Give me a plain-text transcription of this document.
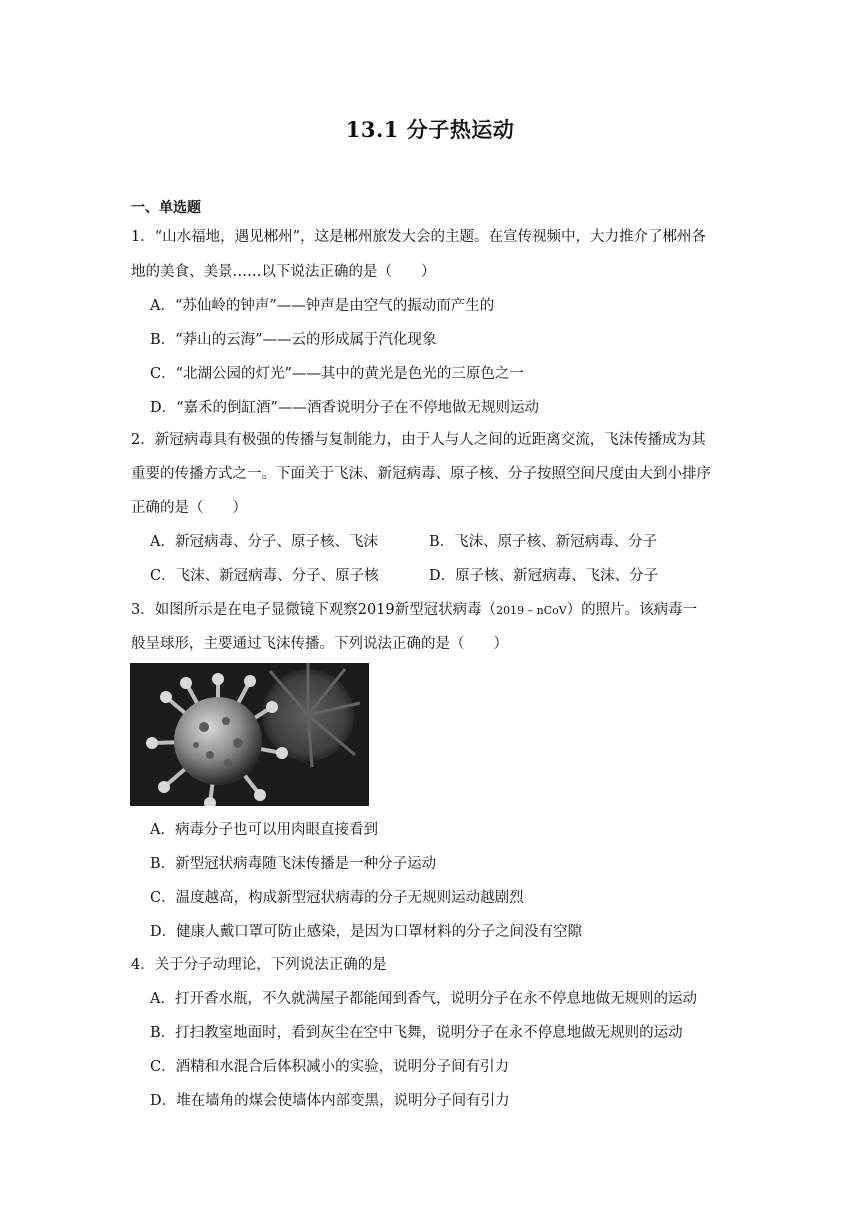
13.1 分子热运动
一、单选题
1．“山水福地，遇见郴州”，这是郴州旅发大会的主题。在宣传视频中，大力推介了郴州各
地的美食、美景……以下说法正确的是（　　）
A．“苏仙岭的钟声”——钟声是由空气的振动而产生的
B．“莽山的云海”——云的形成属于汽化现象
C．“北湖公园的灯光”——其中的黄光是色光的三原色之一
D．“嘉禾的倒缸酒”——酒香说明分子在不停地做无规则运动
2．新冠病毒具有极强的传播与复制能力，由于人与人之间的近距离交流，飞沫传播成为其
重要的传播方式之一。下面关于飞沫、新冠病毒、原子核、分子按照空间尺度由大到小排序
正确的是（　　）
A．新冠病毒、分子、原子核、飞沫	B．飞沫、原子核、新冠病毒、分子
C．飞沫、新冠病毒、分子、原子核	D．原子核、新冠病毒、飞沫、分子
3．如图所示是在电子显微镜下观察2019新型冠状病毒（2019 – nCoV）的照片。该病毒一
般呈球形，主要通过飞沫传播。下列说法正确的是（　　）
A．病毒分子也可以用肉眼直接看到
B．新型冠状病毒随飞沫传播是一种分子运动
C．温度越高，构成新型冠状病毒的分子无规则运动越剧烈
D．健康人戴口罩可防止感染，是因为口罩材料的分子之间没有空隙
4．关于分子动理论，下列说法正确的是
A．打开香水瓶，不久就满屋子都能闻到香气，说明分子在永不停息地做无规则的运动
B．打扫教室地面时，看到灰尘在空中飞舞，说明分子在永不停息地做无规则的运动
C．酒精和水混合后体积减小的实验，说明分子间有引力
D．堆在墙角的煤会使墙体内部变黑，说明分子间有引力
